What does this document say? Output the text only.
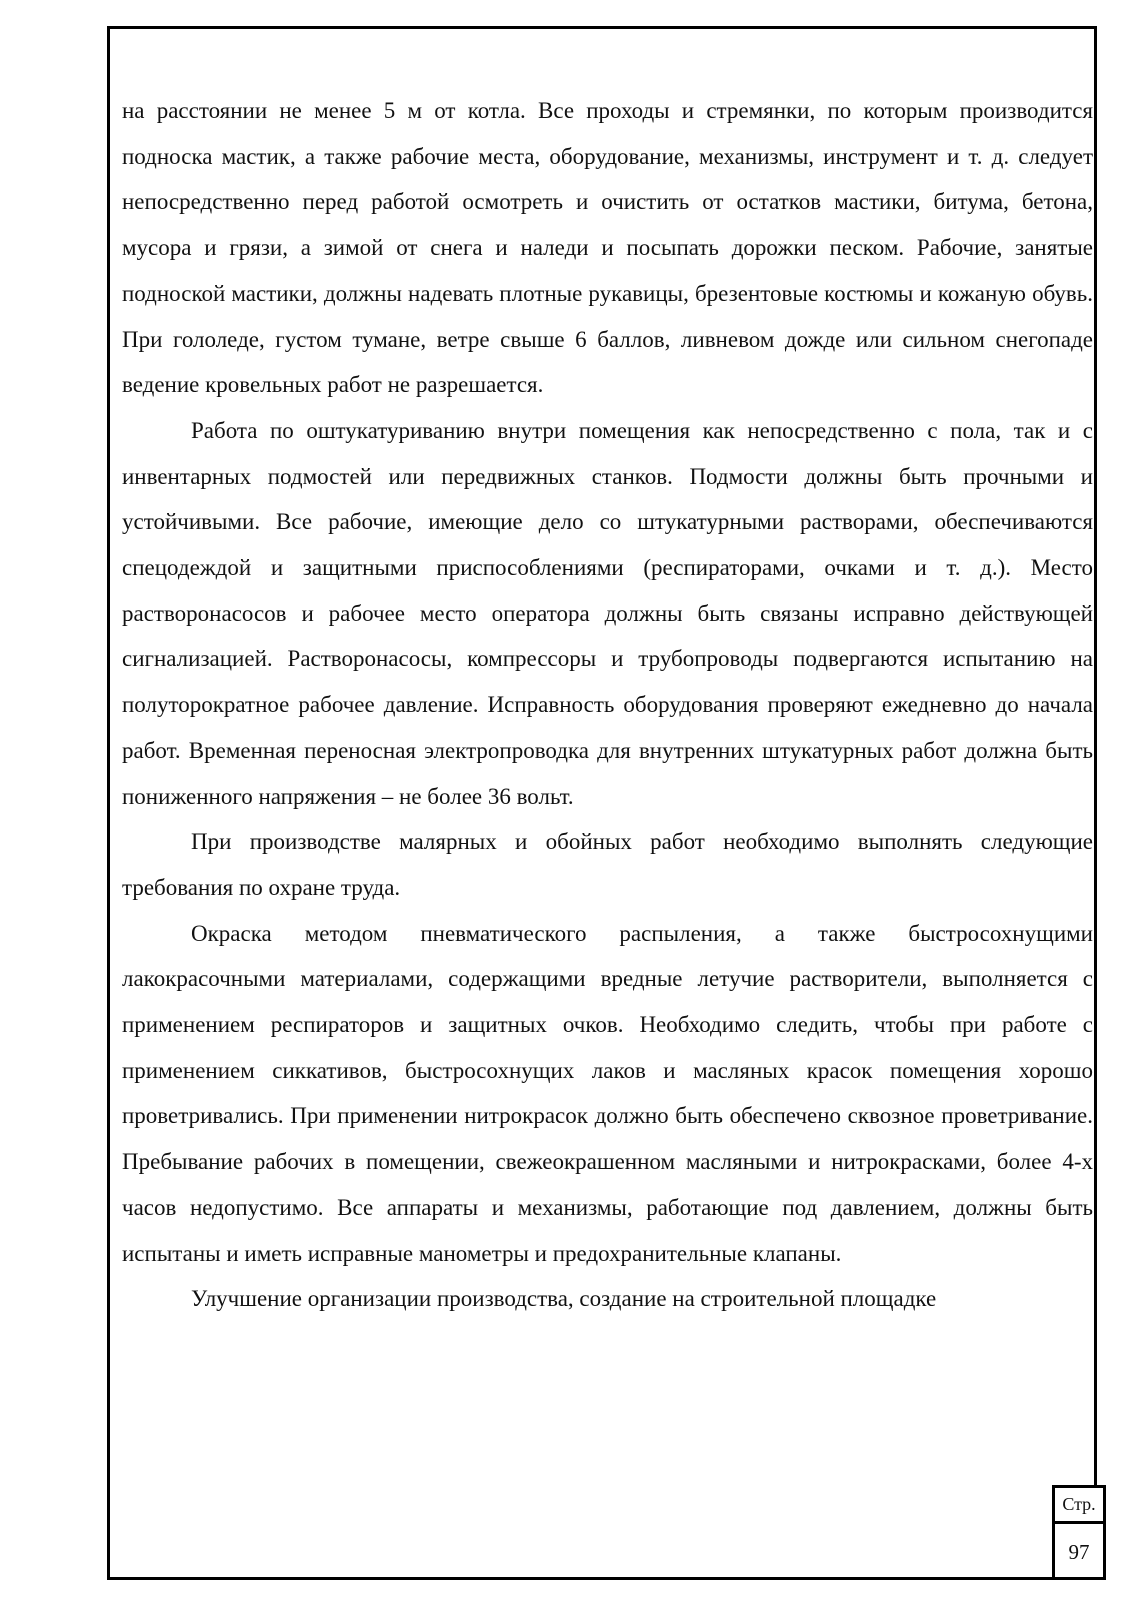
на расстоянии не менее 5 м от котла. Все проходы и стремянки, по которым производится подноска мастик, а также рабочие места, оборудование, механизмы, инструмент и т. д. следует непосредственно перед работой осмотреть и очистить от остатков мастики, битума, бетона, мусора и грязи, а зимой от снега и наледи и посыпать дорожки песком. Рабочие, занятые подноской мастики, должны надевать плотные рукавицы, брезентовые костюмы и кожаную обувь. При гололеде, густом тумане, ветре свыше 6 баллов, ливневом дожде или сильном снегопаде ведение кровельных работ не разрешается.

Работа по оштукатуриванию внутри помещения как непосредственно с пола, так и с инвентарных подмостей или передвижных станков. Подмости должны быть прочными и устойчивыми. Все рабочие, имеющие дело со штукатурными растворами, обеспечиваются спецодеждой и защитными приспособлениями (респираторами, очками и т. д.). Место растворонасосов и рабочее место оператора должны быть связаны исправно действующей сигнализацией. Растворонасосы, компрессоры и трубопроводы подвергаются испытанию на полуторократное рабочее давление. Исправность оборудования проверяют ежедневно до начала работ. Временная переносная электропроводка для внутренних штукатурных работ должна быть пониженного напряжения – не более 36 вольт.

При производстве малярных и обойных работ необходимо выполнять следующие требования по охране труда.

Окраска методом пневматического распыления, а также быстросохнущими лакокрасочными материалами, содержащими вредные летучие растворители, выполняется с применением респираторов и защитных очков. Необходимо следить, чтобы при работе с применением сиккативов, быстросохнущих лаков и масляных красок помещения хорошо проветривались. При применении нитрокрасок должно быть обеспечено сквозное проветривание. Пребывание рабочих в помещении, свежеокрашенном масляными и нитрокрасками, более 4-х часов недопустимо. Все аппараты и механизмы, работающие под давлением, должны быть испытаны и иметь исправные манометры и предохранительные клапаны.

Улучшение организации производства, создание на строительной площадке

Стр.
97
